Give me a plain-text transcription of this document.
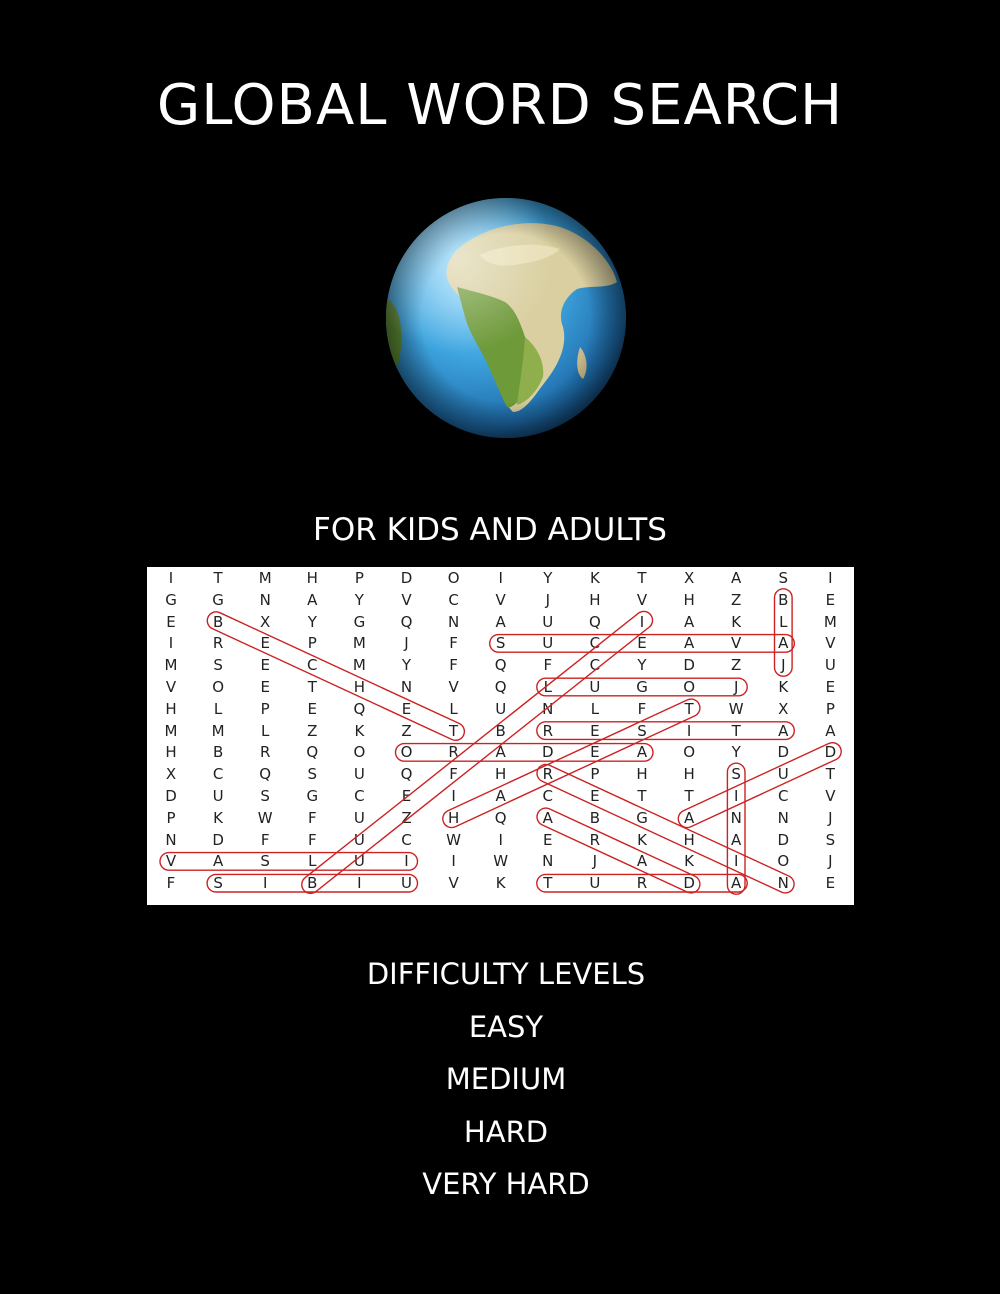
GLOBAL WORD SEARCH
FOR KIDS AND ADULTS
I	T	M	H	P	D	O	I	Y	K	T	X	A	S	I
G	G	N	A	Y	V	C	V	J	H	V	H	Z	B	E
E	B	X	Y	G	Q	N	A	U	Q	I	A	K	L	M
I	R	E	P	M	J	F	S	U	C	E	A	V	A	V
M	S	E	C	M	Y	F	Q	F	C	Y	D	Z	J	U
V	O	E	T	H	N	V	Q	L	U	G	O	J	K	E
H	L	P	E	Q	E	L	U	N	L	F	T	W	X	P
M	M	L	Z	K	Z	T	B	R	E	S	I	T	A	A
H	B	R	Q	O	O	R	A	D	E	A	O	Y	D	D
X	C	Q	S	U	Q	F	H	R	P	H	H	S	U	T
D	U	S	G	C	E	I	A	C	E	T	T	I	C	V
P	K	W	F	U	Z	H	Q	A	B	G	A	N	N	J
N	D	F	F	U	C	W	I	E	R	K	H	A	D	S
V	A	S	L	U	I	I	W	N	J	A	K	I	O	J
F	S	I	B	I	U	V	K	T	U	R	D	A	N	E
DIFFICULTY LEVELS
EASY
MEDIUM
HARD
VERY HARD
